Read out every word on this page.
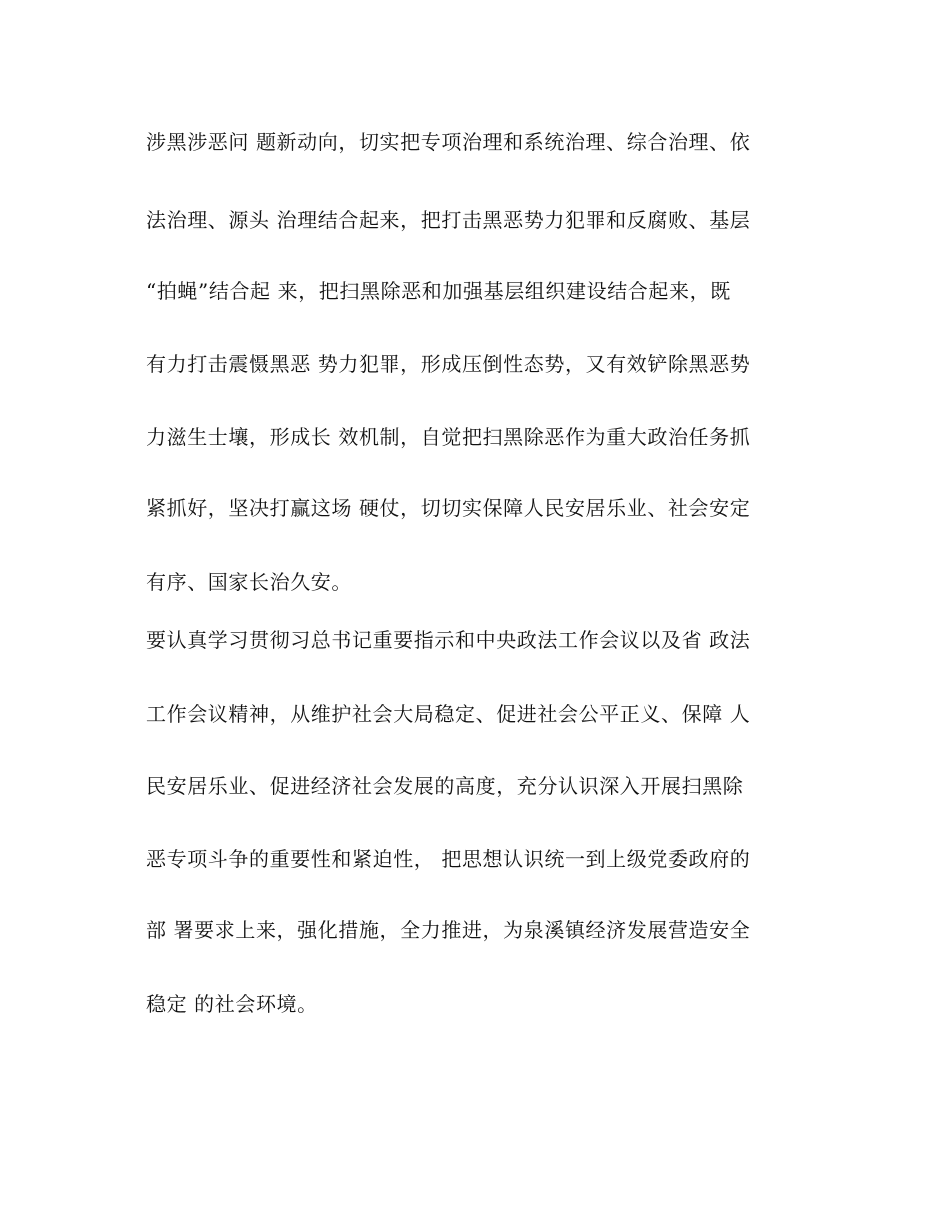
涉黑涉恶问 题新动向，切实把专项治理和系统治理、综合治理、依
法治理、源头 治理结合起来，把打击黑恶势力犯罪和反腐败、基层
“拍蝇”结合起 来，把扫黑除恶和加强基层组织建设结合起来，既
有力打击震慑黑恶 势力犯罪，形成压倒性态势，又有效铲除黑恶势
力滋生士壤，形成长 效机制，自觉把扫黑除恶作为重大政治任务抓
紧抓好，坚决打赢这场 硬仗，切切实保障人民安居乐业、社会安定
有序、国家长治久安。
要认真学习贯彻习总书记重要指示和中央政法工作会议以及省 政法
工作会议精神，从维护社会大局稳定、促进社会公平正义、保障 人
民安居乐业、促进经济社会发展的高度，充分认识深入开展扫黑除
恶专项斗争的重要性和紧迫性， 把思想认识统一到上级党委政府的
部 署要求上来，强化措施，全力推进，为泉溪镇经济发展营造安全
稳定 的社会环境。
